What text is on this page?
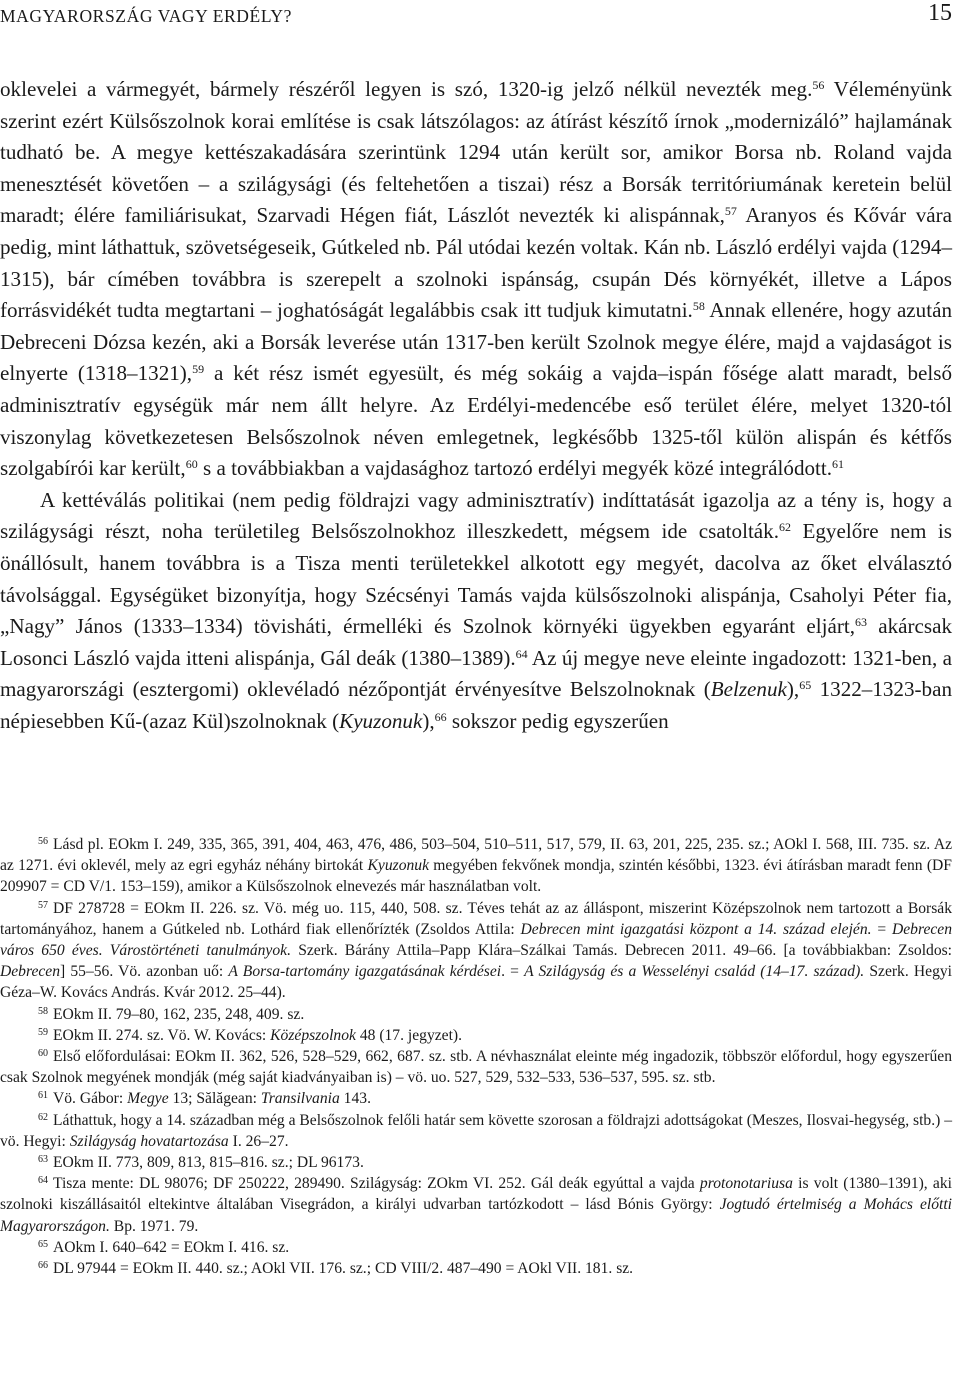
MAGYARORSZÁG VAGY ERDÉLY?	15

oklevelei a vármegyét, bármely részéről legyen is szó, 1320-ig jelző nélkül nevezték meg.$^{56}$ Véleményünk szerint ezért Külsőszolnok korai említése is csak látszólagos: az átírást készítő írnok „modernizáló” hajlamának tudható be. A megye kettészakadására szerintünk 1294 után került sor, amikor Borsa nb. Roland vajda menesztését követően – a szilágysági (és feltehetően a tiszai) rész a Borsák territóriumának keretein belül maradt; élére familiárisukat, Szarvadi Hégen fiát, Lászlót nevezték ki alispánnak,$^{57}$ Aranyos és Kővár vára pedig, mint láthattuk, szövetségeseik, Gútkeled nb. Pál utódai kezén voltak. Kán nb. László erdélyi vajda (1294–1315), bár címében továbbra is szerepelt a szolnoki ispánság, csupán Dés környékét, illetve a Lápos forrásvidékét tudta megtartani – joghatóságát legalábbis csak itt tudjuk kimutatni.$^{58}$ Annak ellenére, hogy azután Debreceni Dózsa kezén, aki a Borsák leverése után 1317-ben került Szolnok megye élére, majd a vajdaságot is elnyerte (1318–1321),$^{59}$ a két rész ismét egyesült, és még sokáig a vajda–ispán fősége alatt maradt, belső adminisztratív egységük már nem állt helyre. Az Erdélyi-medencébe eső terület élére, melyet 1320-tól viszonylag következetesen Belsőszolnok néven emlegetnek, legkésőbb 1325-től külön alispán és kétfős szolgabírói kar került,$^{60}$ s a továbbiakban a vajdasághoz tartozó erdélyi megyék közé integrálódott.$^{61}$

A kettéválás politikai (nem pedig földrajzi vagy adminisztratív) indíttatását igazolja az a tény is, hogy a szilágysági részt, noha területileg Belsőszolnokhoz illeszkedett, mégsem ide csatolták.$^{62}$ Egyelőre nem is önállósult, hanem továbbra is a Tisza menti területekkel alkotott egy megyét, dacolva az őket elválasztó távolsággal. Egységüket bizonyítja, hogy Szécsényi Tamás vajda külsőszolnoki alispánja, Csaholyi Péter fia, „Nagy” János (1333–1334) tövisháti, érmelléki és Szolnok környéki ügyekben egyaránt eljárt,$^{63}$ akárcsak Losonci László vajda itteni alispánja, Gál deák (1380–1389).$^{64}$ Az új megye neve eleinte ingadozott: 1321-ben, a magyarországi (esztergomi) oklevéladó nézőpontját érvényesítve Belszolnoknak (Belzenuk),$^{65}$ 1322–1323-ban népiesebben Kű-(azaz Kül)szolnoknak (Kyuzonuk),$^{66}$ sokszor pedig egyszerűen

$^{56}$ Lásd pl. EOkm I. 249, 335, 365, 391, 404, 463, 476, 486, 503–504, 510–511, 517, 579, II. 63, 201, 225, 235. sz.; AOkl I. 568, III. 735. sz. Az az 1271. évi oklevél, mely az egri egyház néhány birtokát Kyuzonuk megyében fekvőnek mondja, szintén későbbi, 1323. évi átírásban maradt fenn (DF 209907 = CD V/1. 153–159), amikor a Külsőszolnok elnevezés már használatban volt.

$^{57}$ DF 278728 = EOkm II. 226. sz. Vö. még uo. 115, 440, 508. sz. Téves tehát az az álláspont, miszerint Középszolnok nem tartozott a Borsák tartományához, hanem a Gútkeled nb. Lothárd fiak ellenőrízték (Zsoldos Attila: Debrecen mint igazgatási központ a 14. század elején. = Debrecen város 650 éves. Várostörténeti tanulmányok. Szerk. Bárány Attila–Papp Klára–Szálkai Tamás. Debrecen 2011. 49–66. [a továbbiakban: Zsoldos: Debrecen] 55–56. Vö. azonban uő: A Borsa-tartomány igazgatásának kérdései. = A Szilágyság és a Wesselényi család (14–17. század). Szerk. Hegyi Géza–W. Kovács András. Kvár 2012. 25–44).

$^{58}$ EOkm II. 79–80, 162, 235, 248, 409. sz.

$^{59}$ EOkm II. 274. sz. Vö. W. Kovács: Középszolnok 48 (17. jegyzet).

$^{60}$ Első előfordulásai: EOkm II. 362, 526, 528–529, 662, 687. sz. stb. A névhasználat eleinte még ingadozik, többször előfordul, hogy egyszerűen csak Szolnok megyének mondják (még saját kiadványaiban is) – vö. uo. 527, 529, 532–533, 536–537, 595. sz. stb.

$^{61}$ Vö. Gábor: Megye 13; Sălăgean: Transilvania 143.

$^{62}$ Láthattuk, hogy a 14. században még a Belsőszolnok felőli határ sem követte szorosan a földrajzi adottságokat (Meszes, Ilosvai-hegység, stb.) – vö. Hegyi: Szilágyság hovatartozása I. 26–27.

$^{63}$ EOkm II. 773, 809, 813, 815–816. sz.; DL 96173.

$^{64}$ Tisza mente: DL 98076; DF 250222, 289490. Szilágyság: ZOkm VI. 252. Gál deák egyúttal a vajda protonotariusa is volt (1380–1391), aki szolnoki kiszállásaitól eltekintve általában Visegrádon, a királyi udvarban tartózkodott – lásd Bónis György: Jogtudó értelmiség a Mohács előtti Magyarországon. Bp. 1971. 79.

$^{65}$ AOkm I. 640–642 = EOkm I. 416. sz.

$^{66}$ DL 97944 = EOkm II. 440. sz.; AOkl VII. 176. sz.; CD VIII/2. 487–490 = AOkl VII. 181. sz.
